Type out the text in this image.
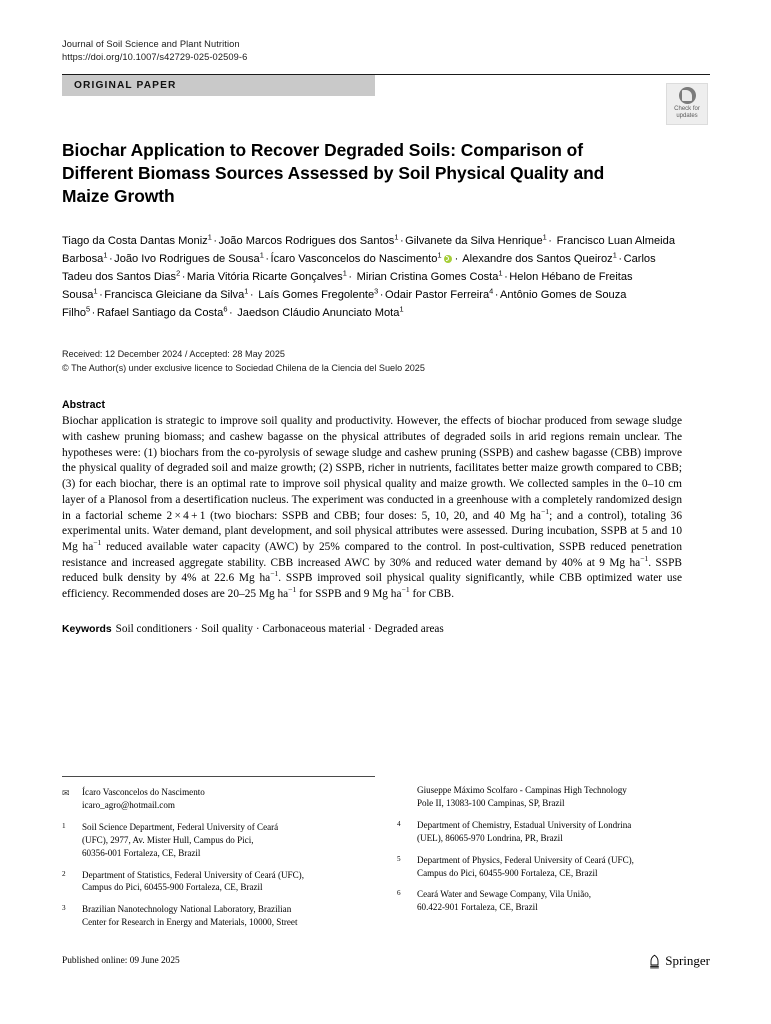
Journal of Soil Science and Plant Nutrition
https://doi.org/10.1007/s42729-025-02509-6
ORIGINAL PAPER
Biochar Application to Recover Degraded Soils: Comparison of Different Biomass Sources Assessed by Soil Physical Quality and Maize Growth
Tiago da Costa Dantas Moniz$^1$ · João Marcos Rodrigues dos Santos$^1$ · Gilvanete da Silva Henrique$^1$ · Francisco Luan Almeida Barbosa$^1$ · João Ivo Rodrigues de Sousa$^1$ · Ícaro Vasconcelos do Nascimento$^1$ · Alexandre dos Santos Queiroz$^1$ · Carlos Tadeu dos Santos Dias$^2$ · Maria Vitória Ricarte Gonçalves$^1$ · Mirian Cristina Gomes Costa$^1$ · Helon Hébano de Freitas Sousa$^1$ · Francisca Gleiciane da Silva$^1$ · Laís Gomes Fregolente$^3$ · Odair Pastor Ferreira$^4$ · Antônio Gomes de Souza Filho$^5$ · Rafael Santiago da Costa$^6$ · Jaedson Cláudio Anunciato Mota$^1$
Received: 12 December 2024 / Accepted: 28 May 2025
© The Author(s) under exclusive licence to Sociedad Chilena de la Ciencia del Suelo 2025
Abstract
Biochar application is strategic to improve soil quality and productivity. However, the effects of biochar produced from sewage sludge with cashew pruning biomass; and cashew bagasse on the physical attributes of degraded soils in arid regions remain unclear. The hypotheses were: (1) biochars from the co-pyrolysis of sewage sludge and cashew pruning (SSPB) and cashew bagasse (CBB) improve the physical quality of degraded soil and maize growth; (2) SSPB, richer in nutrients, facilitates better maize growth compared to CBB; (3) for each biochar, there is an optimal rate to improve soil physical quality and maize growth. We collected samples in the 0–10 cm layer of a Planosol from a desertification nucleus. The experiment was conducted in a greenhouse with a completely randomized design in a factorial scheme 2 × 4 + 1 (two biochars: SSPB and CBB; four doses: 5, 10, 20, and 40 Mg $ha^{-1}$; and a control), totaling 36 experimental units. Water demand, plant development, and soil physical attributes were assessed. During incubation, SSPB at 5 and 10 Mg $ha^{-1}$ reduced available water capacity (AWC) by 25% compared to the control. In post-cultivation, SSPB reduced penetration resistance and increased aggregate stability. CBB increased AWC by 30% and reduced water demand by 40% at 9 Mg $ha^{-1}$. SSPB reduced bulk density by 4% at 22.6 Mg $ha^{-1}$. SSPB improved soil physical quality significantly, while CBB optimized water use efficiency. Recommended doses are 20–25 Mg $ha^{-1}$ for SSPB and 9 Mg $ha^{-1}$ for CBB.
Keywords Soil conditioners · Soil quality · Carbonaceous material · Degraded areas
Check for
updates
✉	Ícaro Vasconcelos do Nascimento
icaro_agro@hotmail.com
1	Soil Science Department, Federal University of Ceará
(UFC), 2977, Av. Mister Hull, Campus do Pici,
60356-001 Fortaleza, CE, Brazil
2	Department of Statistics, Federal University of Ceará (UFC),
Campus do Pici, 60455-900 Fortaleza, CE, Brazil
3	Brazilian Nanotechnology National Laboratory, Brazilian
Center for Research in Energy and Materials, 10000, Street
Giuseppe Máximo Scolfaro - Campinas High Technology
Pole II, 13083-100 Campinas, SP, Brazil
4	Department of Chemistry, Estadual University of Londrina
(UEL), 86065-970 Londrina, PR, Brazil
5	Department of Physics, Federal University of Ceará (UFC),
Campus do Pici, 60455-900 Fortaleza, CE, Brazil
6	Ceará Water and Sewage Company, Vila União,
60.422-901 Fortaleza, CE, Brazil
Published online: 09 June 2025	Springer
